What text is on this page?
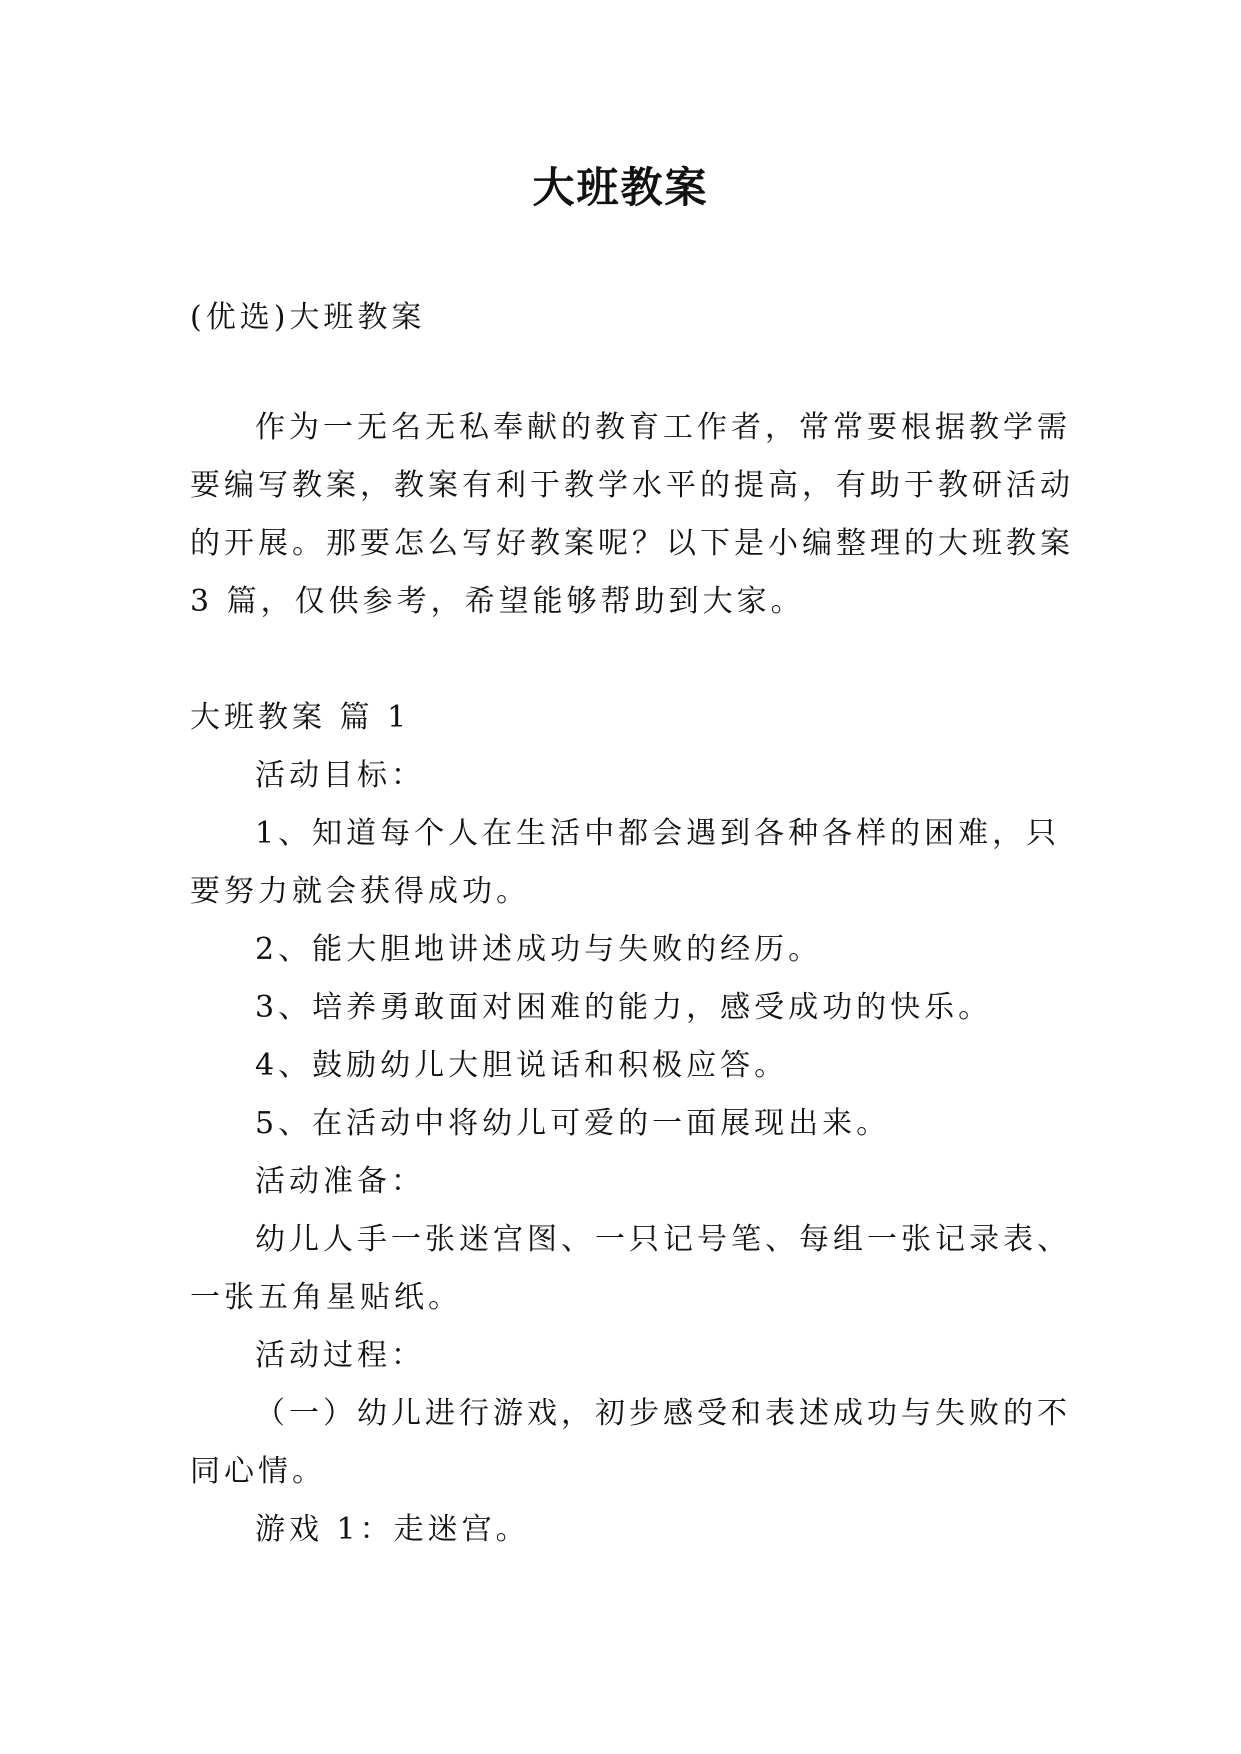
大班教案
(优选)大班教案
作为一无名无私奉献的教育工作者，常常要根据教学需
要编写教案，教案有利于教学水平的提高，有助于教研活动
的开展。那要怎么写好教案呢？以下是小编整理的大班教案
3 篇，仅供参考，希望能够帮助到大家。
大班教案 篇 1
活动目标：
1、知道每个人在生活中都会遇到各种各样的困难，只
要努力就会获得成功。
2、能大胆地讲述成功与失败的经历。
3、培养勇敢面对困难的能力，感受成功的快乐。
4、鼓励幼儿大胆说话和积极应答。
5、在活动中将幼儿可爱的一面展现出来。
活动准备：
幼儿人手一张迷宫图、一只记号笔、每组一张记录表、
一张五角星贴纸。
活动过程：
（一）幼儿进行游戏，初步感受和表述成功与失败的不
同心情。
游戏 1：走迷宫。
